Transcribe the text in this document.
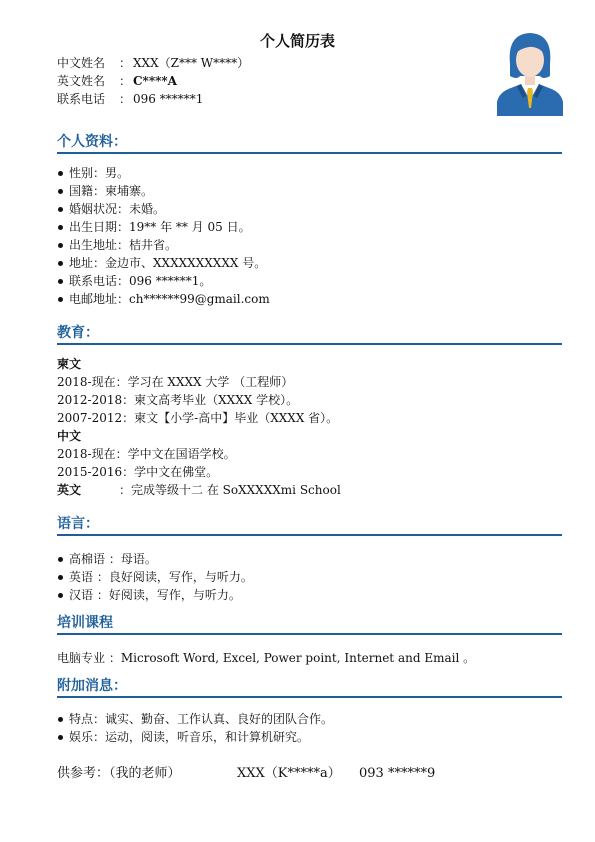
个人简历表
中文姓名 ： XXX（Z*** W****）
英文姓名 ： C****A
联系电话 ： 096 ******1
个人资料：
性别：男。
国籍：柬埔寨。
婚姻状况：未婚。
出生日期：19** 年 ** 月 05 日。
出生地址：桔井省。
地址：金边市、XXXXXXXXXX 号。
联系电话：096 ******1。
电邮地址：ch******99@gmail.com
教育：
柬文
2018-现在：学习在 XXXX 大学 （工程师）
2012-2018：柬文高考毕业（XXXX 学校）。
2007-2012：柬文【小学-高中】毕业（XXXX 省）。
中文
2018-现在：学中文在国语学校。
2015-2016：学中文在佛堂。
英文	：完成等级十二 在 SoXXXXXmi School
语言：
高棉语 ：母语。
英语 ：良好阅读，写作，与听力。
汉语 ：好阅读，写作，与听力。
培训课程
电脑专业 ：Microsoft Word, Excel, Power point, Internet and Email 。
附加消息：
特点：诚实、勤奋、工作认真、良好的团队合作。
娱乐：运动，阅读，听音乐，和计算机研究。
供参考：（我的老师）	XXX（K*****a） 093 ******9
